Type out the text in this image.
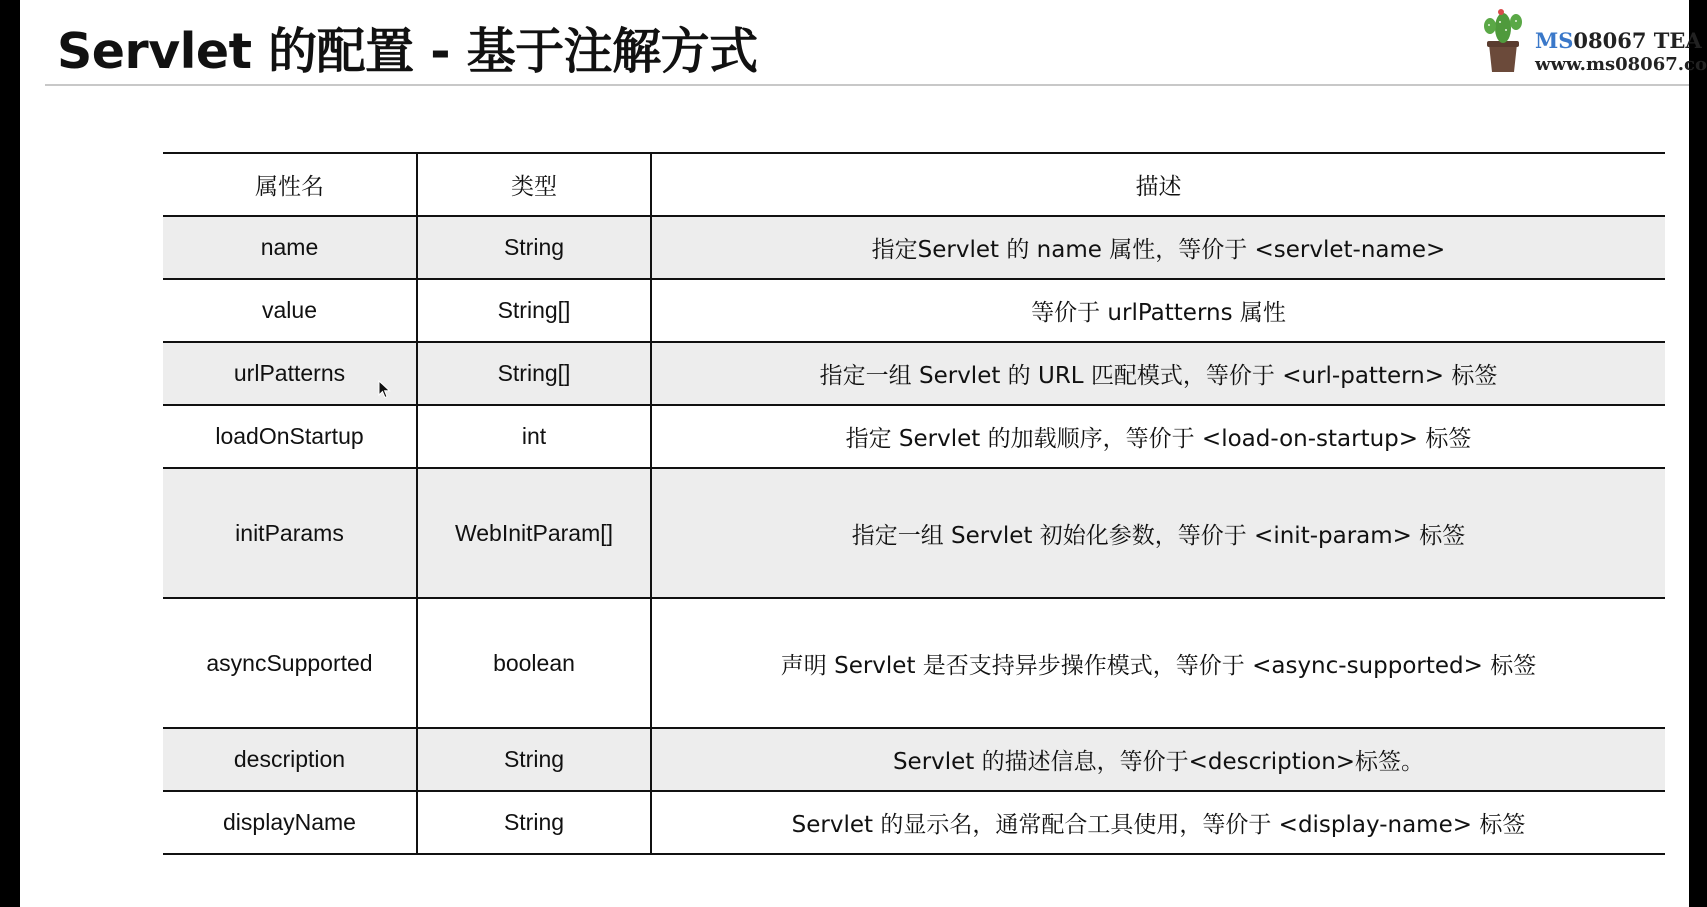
Servlet 的配置 - 基于注解方式	MS08067 TEA
www.ms08067.co
属性名	类型	描述
name	String	指定Servlet 的 name 属性，等价于 <servlet-name>
value	String[]	等价于 urlPatterns 属性
urlPatterns	String[]	指定一组 Servlet 的 URL 匹配模式，等价于 <url-pattern> 标签
loadOnStartup	int	指定 Servlet 的加载顺序，等价于 <load-on-startup> 标签
initParams	WebInitParam[]	指定一组 Servlet 初始化参数，等价于 <init-param> 标签
asyncSupported	boolean	声明 Servlet 是否支持异步操作模式，等价于 <async-supported> 标签
description	String	Servlet 的描述信息，等价于<description>标签。
displayName	String	Servlet 的显示名，通常配合工具使用，等价于 <display-name> 标签
